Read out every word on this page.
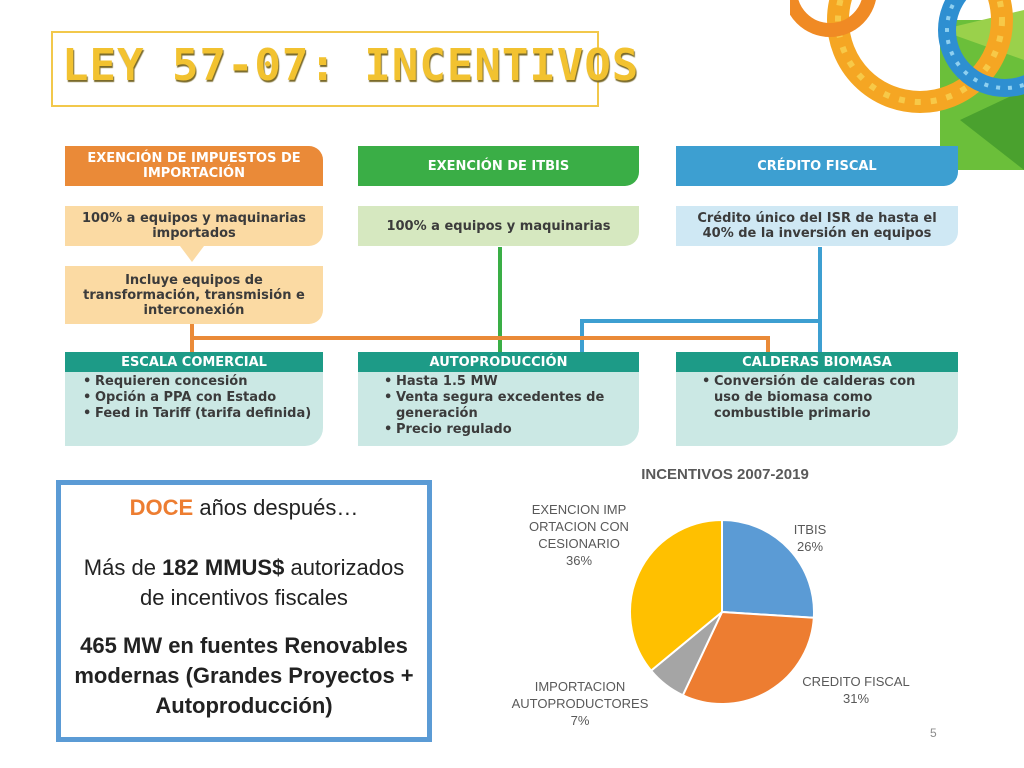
LEY 57-07: INCENTIVOS
EXENCIÓN DE IMPUESTOS DE IMPORTACIÓN
100% a equipos y maquinarias importados
Incluye equipos de transformación, transmisión e interconexión
EXENCIÓN DE ITBIS
100% a equipos y maquinarias
CRÉDITO FISCAL
Crédito único del ISR de hasta el 40% de la inversión en equipos
ESCALA COMERCIAL
• Requieren concesión
• Opción a PPA con Estado
• Feed in Tariff (tarifa definida)
AUTOPRODUCCIÓN
• Hasta 1.5 MW
• Venta segura excedentes de generación
• Precio regulado
CALDERAS BIOMASA
• Conversión de calderas con uso de biomasa como combustible primario
DOCE años después…
Más de 182 MMUS$ autorizados
de incentivos fiscales
465 MW en fuentes Renovables
modernas (Grandes Proyectos +
Autoproducción)
INCENTIVOS 2007-2019
ITBIS
26%
CREDITO FISCAL
31%
IMPORTACION AUTOPRODUCTORES
7%
EXENCION IMPORTACION CONCESIONARIO
36%
5
